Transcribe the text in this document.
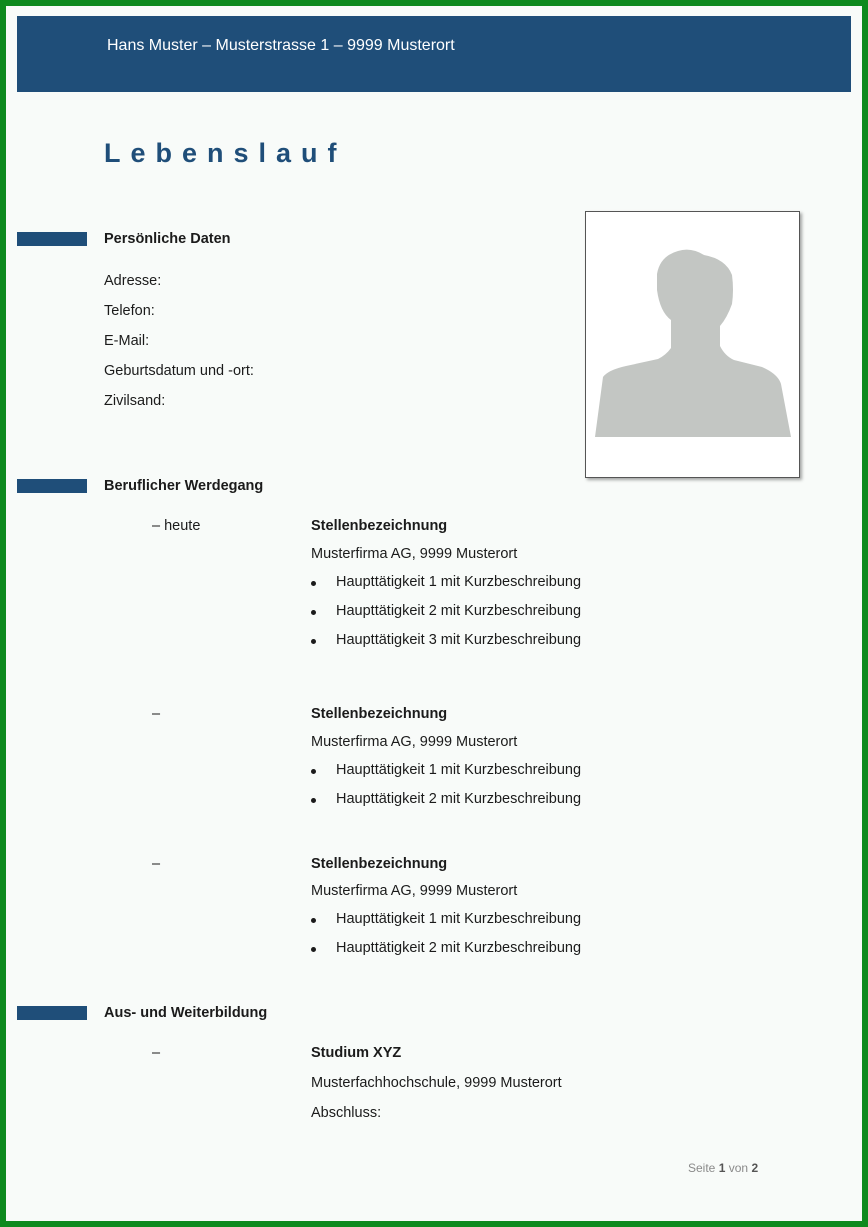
Hans Muster – Musterstrasse 1 – 9999 Musterort
Lebenslauf
Persönliche Daten
Adresse:
Telefon:
E-Mail:
Geburtsdatum und -ort:
Zivilsand:
Beruflicher Werdegang
– heute	Stellenbezeichnung
Musterfirma AG, 9999 Musterort
Haupttätigkeit 1 mit Kurzbeschreibung
Haupttätigkeit 2 mit Kurzbeschreibung
Haupttätigkeit 3 mit Kurzbeschreibung
–	Stellenbezeichnung
Musterfirma AG, 9999 Musterort
Haupttätigkeit 1 mit Kurzbeschreibung
Haupttätigkeit 2 mit Kurzbeschreibung
–	Stellenbezeichnung
Musterfirma AG, 9999 Musterort
Haupttätigkeit 1 mit Kurzbeschreibung
Haupttätigkeit 2 mit Kurzbeschreibung
Aus- und Weiterbildung
–	Studium XYZ
Musterfachhochschule, 9999 Musterort
Abschluss:
Seite 1 von 2
